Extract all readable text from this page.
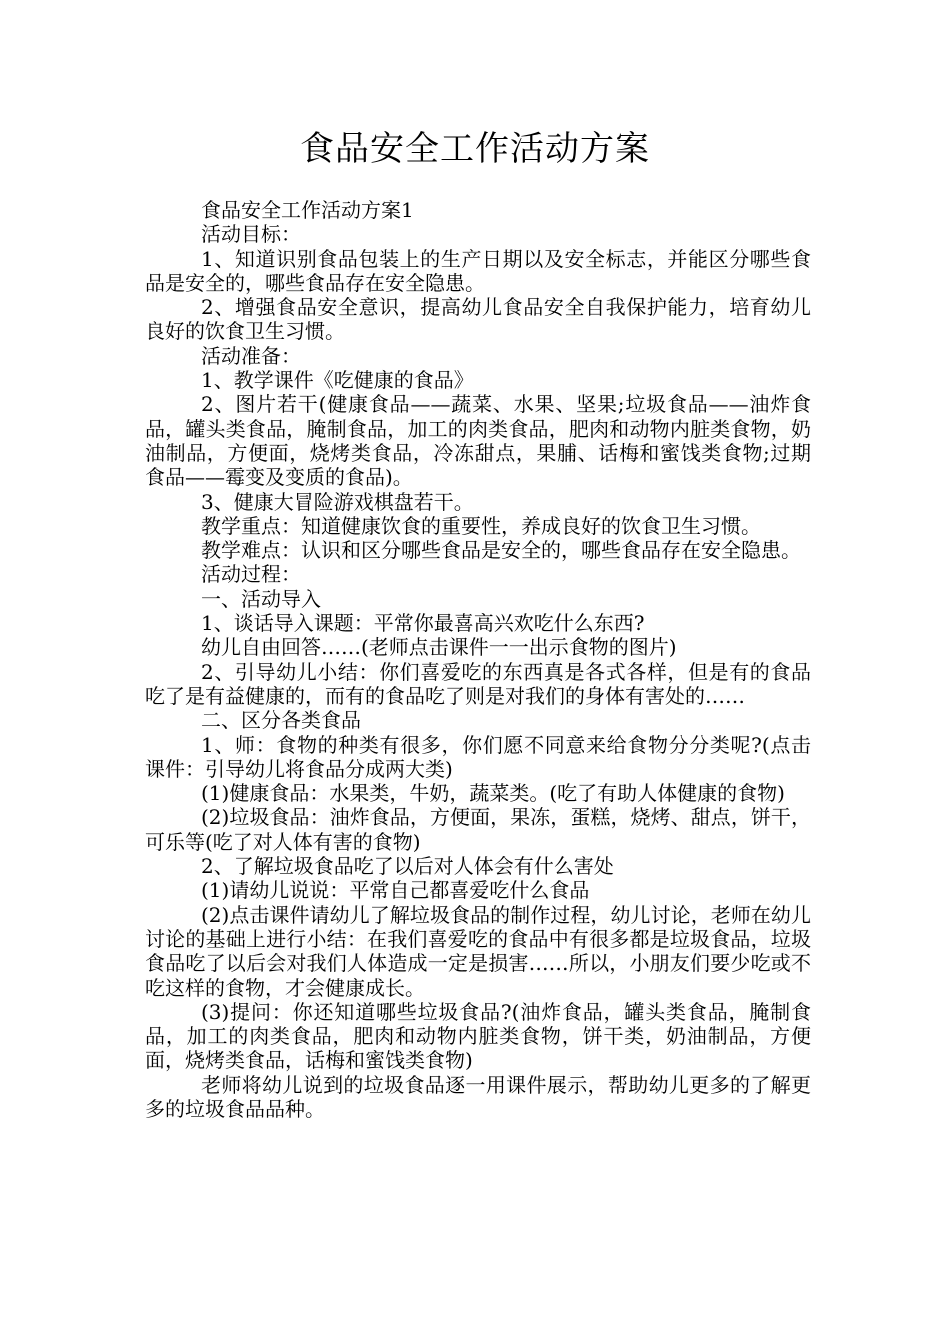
食品安全工作活动方案

食品安全工作活动方案1

活动目标：

1、知道识别食品包装上的生产日期以及安全标志，并能区分哪些食品是安全的，哪些食品存在安全隐患。

2、增强食品安全意识，提高幼儿食品安全自我保护能力，培育幼儿良好的饮食卫生习惯。

活动准备：

1、教学课件《吃健康的食品》

2、图片若干(健康食品——蔬菜、水果、坚果;垃圾食品——油炸食品，罐头类食品，腌制食品，加工的肉类食品，肥肉和动物内脏类食物，奶油制品，方便面，烧烤类食品，冷冻甜点，果脯、话梅和蜜饯类食物;过期食品——霉变及变质的食品)。

3、健康大冒险游戏棋盘若干。

教学重点：知道健康饮食的重要性，养成良好的饮食卫生习惯。

教学难点：认识和区分哪些食品是安全的，哪些食品存在安全隐患。

活动过程：

一、活动导入

1、谈话导入课题：平常你最喜高兴欢吃什么东西?

幼儿自由回答……(老师点击课件一一出示食物的图片)

2、引导幼儿小结：你们喜爱吃的东西真是各式各样，但是有的食品吃了是有益健康的，而有的食品吃了则是对我们的身体有害处的……

二、区分各类食品

1、师：食物的种类有很多，你们愿不同意来给食物分分类呢?(点击课件：引导幼儿将食品分成两大类)

(1)健康食品：水果类，牛奶，蔬菜类。(吃了有助人体健康的食物)

(2)垃圾食品：油炸食品，方便面，果冻，蛋糕，烧烤、甜点，饼干，可乐等(吃了对人体有害的食物)

2、了解垃圾食品吃了以后对人体会有什么害处

(1)请幼儿说说：平常自己都喜爱吃什么食品

(2)点击课件请幼儿了解垃圾食品的制作过程，幼儿讨论，老师在幼儿讨论的基础上进行小结：在我们喜爱吃的食品中有很多都是垃圾食品，垃圾食品吃了以后会对我们人体造成一定是损害……所以，小朋友们要少吃或不吃这样的食物，才会健康成长。

(3)提问：你还知道哪些垃圾食品?(油炸食品，罐头类食品，腌制食品，加工的肉类食品，肥肉和动物内脏类食物，饼干类，奶油制品，方便面，烧烤类食品，话梅和蜜饯类食物)

老师将幼儿说到的垃圾食品逐一用课件展示，帮助幼儿更多的了解更多的垃圾食品品种。
